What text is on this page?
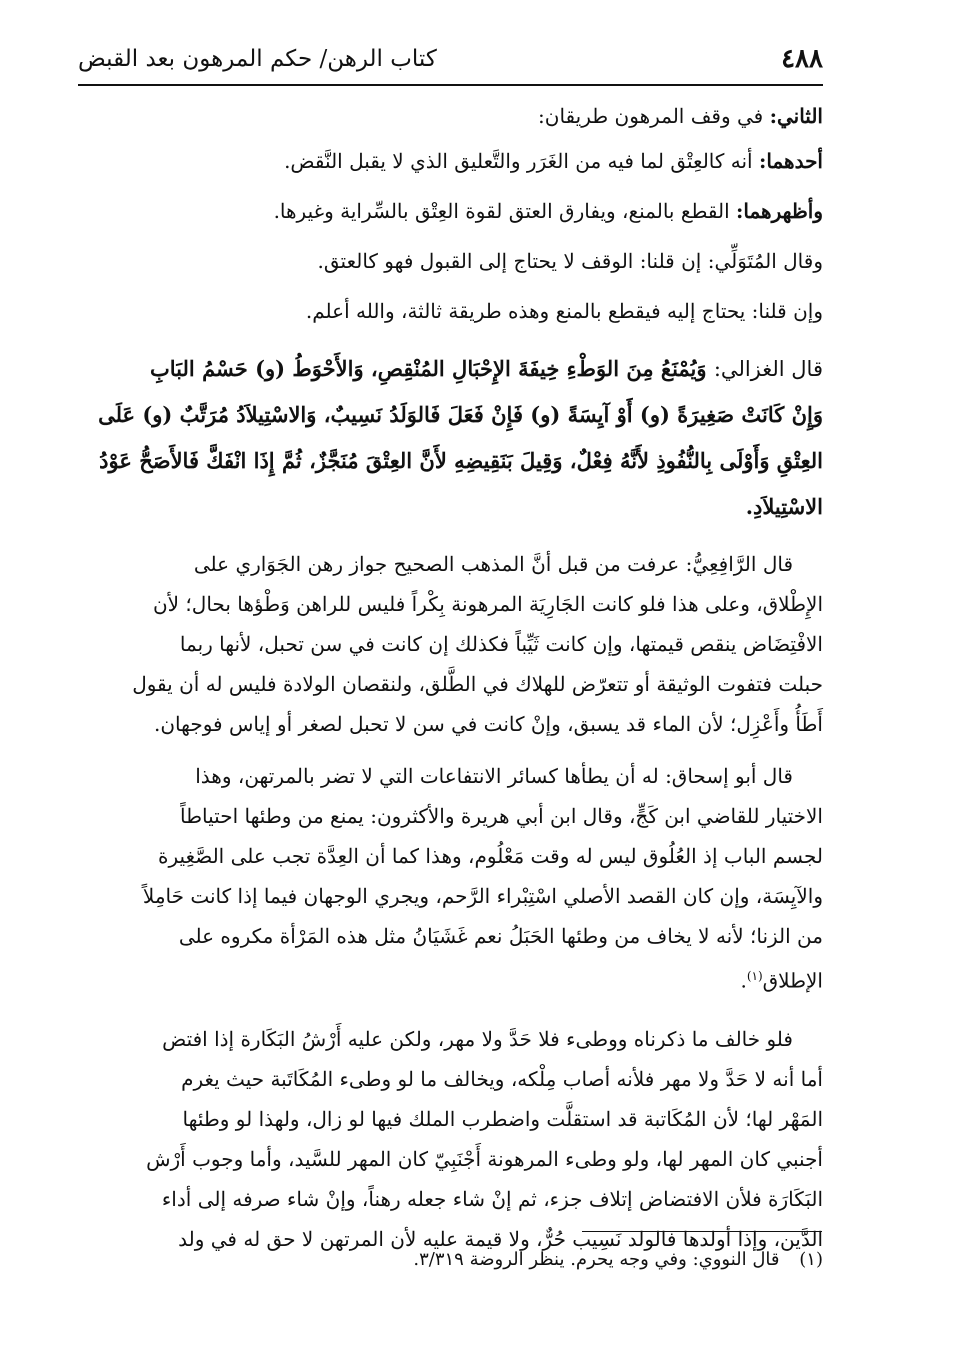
٤٨٨
كتاب الرهن/ حكم المرهون بعد القبض

الثاني: في وقف المرهون طريقان:

أحدهما: أنه كالعِتْق لما فيه من الغَرَر والتَّعليق الذي لا يقبل النَّقض.

وأظهرهما: القطع بالمنع، ويفارق العتق لقوة العِتْق بالسِّراية وغيرها.

وقال المُتَوَلِّي: إن قلنا: الوقف لا يحتاج إلى القبول فهو كالعتق.

وإن قلنا: يحتاج إليه فيقطع بالمنع وهذه طريقة ثالثة، والله أعلم.

قال الغزالي: وَيُمْنَعُ مِنَ الوَطْءِ خِيفَةَ الإِحْبَالِ المُنْقِصِ، وَالأَحْوَطُ (و) حَسْمُ البَابِ

وَإِنْ كَانَتْ صَغِيرَةً (و) أَوْ آيِسَةً (و) فَإِنْ فَعَلَ فَالوَلَدُ نَسِيبٌ، وَالاسْتِيلاَدُ مُرَتَّبٌ (و) عَلَى

العِتْقِ وَأَوْلَى بِالنُّفُوذِ لأَنَّهُ فِعْلٌ، وَقِيلَ بَنَقِيضِهِ لأَنَّ العِتْقَ مُنَجَّزٌ، ثُمَّ إِذَا انْفَكَّ فَالأَصَحُّ عَوْدُ

الاسْتِيلاَدِ.

قال الرَّافِعِيُّ: عرفت من قبل أنَّ المذهب الصحيح جواز رهن الجَوَاري على

الإِطْلاق، وعلى هذا فلو كانت الجَارِيَة المرهونة بِكْراً فليس للراهن وَطْؤها بحال؛ لأن

الافْتِضَاض ينقص قيمتها، وإن كانت ثَيِّباً فكذلك إن كانت في سن تحبل، لأنها ربما

حبلت فتفوت الوثيقة أو تتعرّض للهلاك في الطَّلق، ولنقصان الولادة فليس له أن يقول

أَطَأُ وأَعْزِل؛ لأن الماء قد يسبق، وإنْ كانت في سن لا تحبل لصغر أو إياس فوجهان.

قال أبو إسحاق: له أن يطأها كسائر الانتفاعات التي لا تضر بالمرتهن، وهذا

الاختيار للقاضي ابن كَجٍّ، وقال ابن أبي هريرة والأكثرون: يمنع من وطئها احتياطاً

لجسم الباب إذ العُلُوق ليس له وقت مَعْلُوم، وهذا كما أن العِدَّة تجب على الصَّغِيرة

والآيِسَة، وإن كان القصد الأصلي اسْتِبْراء الرَّحم، ويجري الوجهان فيما إذا كانت حَامِلاً

من الزنا؛ لأنه لا يخاف من وطئها الحَبَلُ نعم غَشَيَانُ مثل هذه المَرْأة مكروه على

الإطلاق$^{(١)}$.

فلو خالف ما ذكرناه ووطىء فلا حَدَّ ولا مهر، ولكن عليه أَرْشُ البَكَارة إذا افتض

أما أنه لا حَدَّ ولا مهر فلأنه أصاب مِلْكه، ويخالف ما لو وطىء المُكَاتَبة حيث يغرم

المَهْر لها؛ لأن المُكَاتبة قد استقلَّت واضطرب الملك فيها لو زال، ولهذا لو وطئها

أجنبي كان المهر لها، ولو وطىء المرهونة أَجْنَبِيّ كان المهر للسَّيد، وأما وجوب أَرْش

البَكَارَة فلأن الافتضاض إتلاف جزء، ثم إنْ شاء جعله رهناً، وإنْ شاء صرفه إلى أداء

الدَّين، وإذا أولدها فالولد نَسِيب حُرٌّ، ولا قيمة عليه لأن المرتهن لا حق له في ولد

(١) قال النووي: وفي وجه يحرم. ينظر الروضة ٣/٣١٩.
